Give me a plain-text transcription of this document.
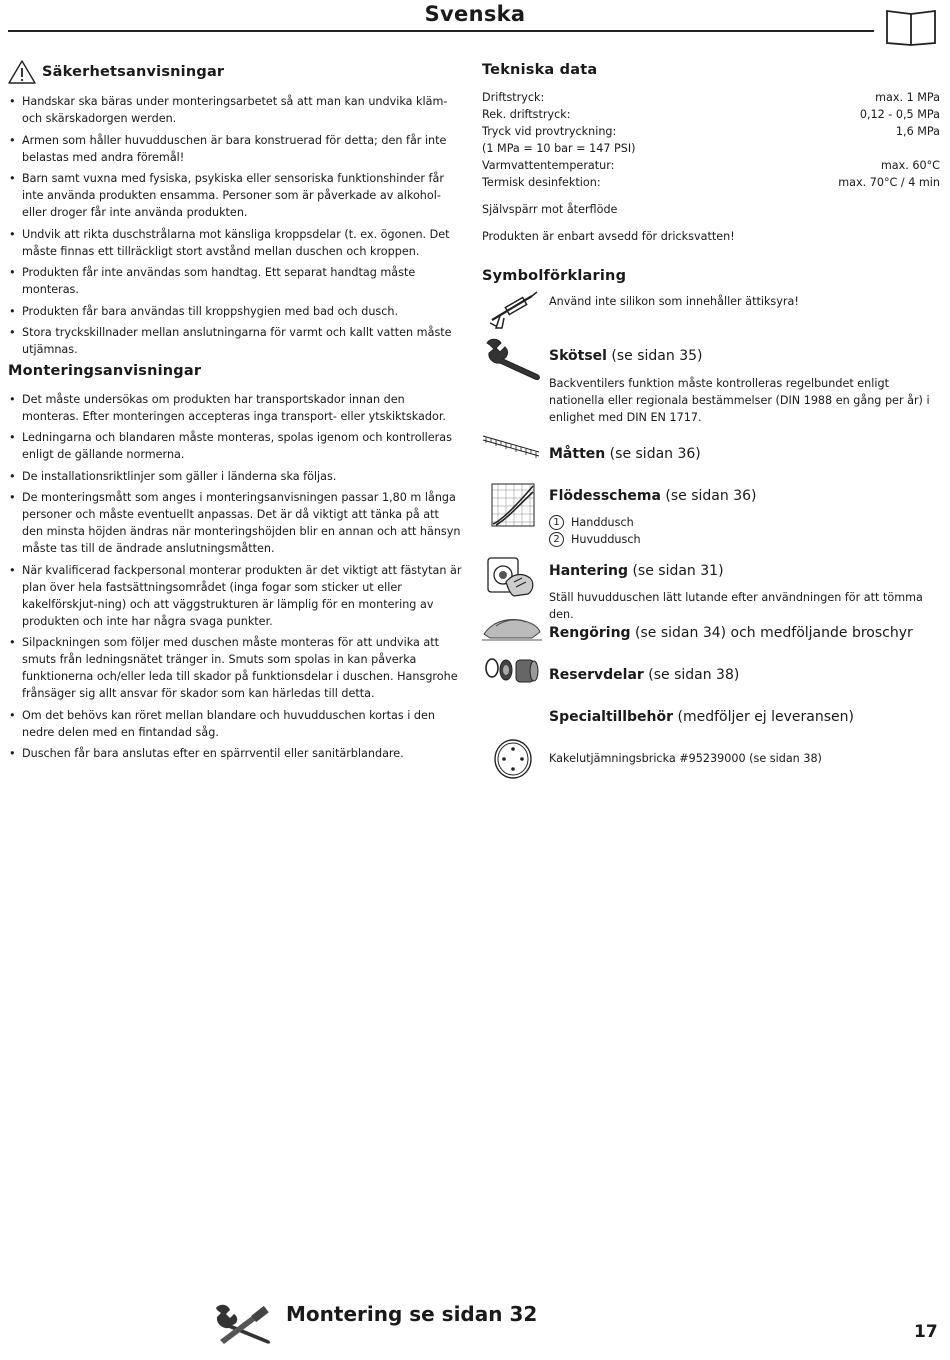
Svenska
Säkerhetsanvisningar
• Handskar ska bäras under monteringsarbetet så att man kan undvika kläm- och skärskadorgen werden.
• Armen som håller huvudduschen är bara konstruerad för detta; den får inte belastas med andra föremål!
• Barn samt vuxna med fysiska, psykiska eller sensoriska funktionshinder får inte använda produkten ensamma. Personer som är påverkade av alkohol- eller droger får inte använda produkten.
• Undvik att rikta duschstrålarna mot känsliga kroppsdelar (t. ex. ögonen. Det måste finnas ett tillräckligt stort avstånd mellan duschen och kroppen.
• Produkten får inte användas som handtag. Ett separat handtag måste monteras.
• Produkten får bara användas till kroppshygien med bad och dusch.
• Stora tryckskillnader mellan anslutningarna för varmt och kallt vatten måste utjämnas.
Monteringsanvisningar
• Det måste undersökas om produkten har transportskador innan den monteras. Efter monteringen accepteras inga transport- eller ytskiktskador.
• Ledningarna och blandaren måste monteras, spolas igenom och kontrolleras enligt de gällande normerna.
• De installationsriktlinjer som gäller i länderna ska följas.
• De monteringsmått som anges i monteringsanvisningen passar 1,80 m långa personer och måste eventuellt anpassas. Det är då viktigt att tänka på att den minsta höjden ändras när monteringshöjden blir en annan och att hänsyn måste tas till de ändrade anslutningsmåtten.
• När kvalificerad fackpersonal monterar produkten är det viktigt att fästytan är plan över hela fastsättningsområdet (inga fogar som sticker ut eller kakelförskjut-ning) och att väggstrukturen är lämplig för en montering av produkten och inte har några svaga punkter.
• Silpackningen som följer med duschen måste monteras för att undvika att smuts från ledningsnätet tränger in. Smuts som spolas in kan påverka funktionerna och/eller leda till skador på funktionsdelar i duschen. Hansgrohe frånsäger sig allt ansvar för skador som kan härledas till detta.
• Om det behövs kan röret mellan blandare och huvudduschen kortas i den nedre delen med en fintandad såg.
• Duschen får bara anslutas efter en spärrventil eller sanitärblandare.
Tekniska data
Driftstryck:	max. 1 MPa
Rek. driftstryck:	0,12 - 0,5 MPa
Tryck vid provtryckning:	1,6 MPa
(1 MPa = 10 bar = 147 PSI)
Varmvattentemperatur:	max. 60°C
Termisk desinfektion:	max. 70°C / 4 min
Självspärr mot återflöde
Produkten är enbart avsedd för dricksvatten!
Symbolförklaring
Använd inte silikon som innehåller ättiksyra!
Skötsel (se sidan 35)
Backventilers funktion måste kontrolleras regelbundet enligt nationella eller regionala bestämmelser (DIN 1988 en gång per år) i enlighet med DIN EN 1717.
Måtten (se sidan 36)
Flödesschema (se sidan 36)
1	Handdusch
2	Huvuddusch
Hantering (se sidan 31)
Ställ huvudduschen lätt lutande efter användningen för att tömma den.
Rengöring (se sidan 34) och medföljande broschyr
Reservdelar (se sidan 38)
Specialtillbehör (medföljer ej leveransen)
Kakelutjämningsbricka #95239000 (se sidan 38)
Montering se sidan 32
17
